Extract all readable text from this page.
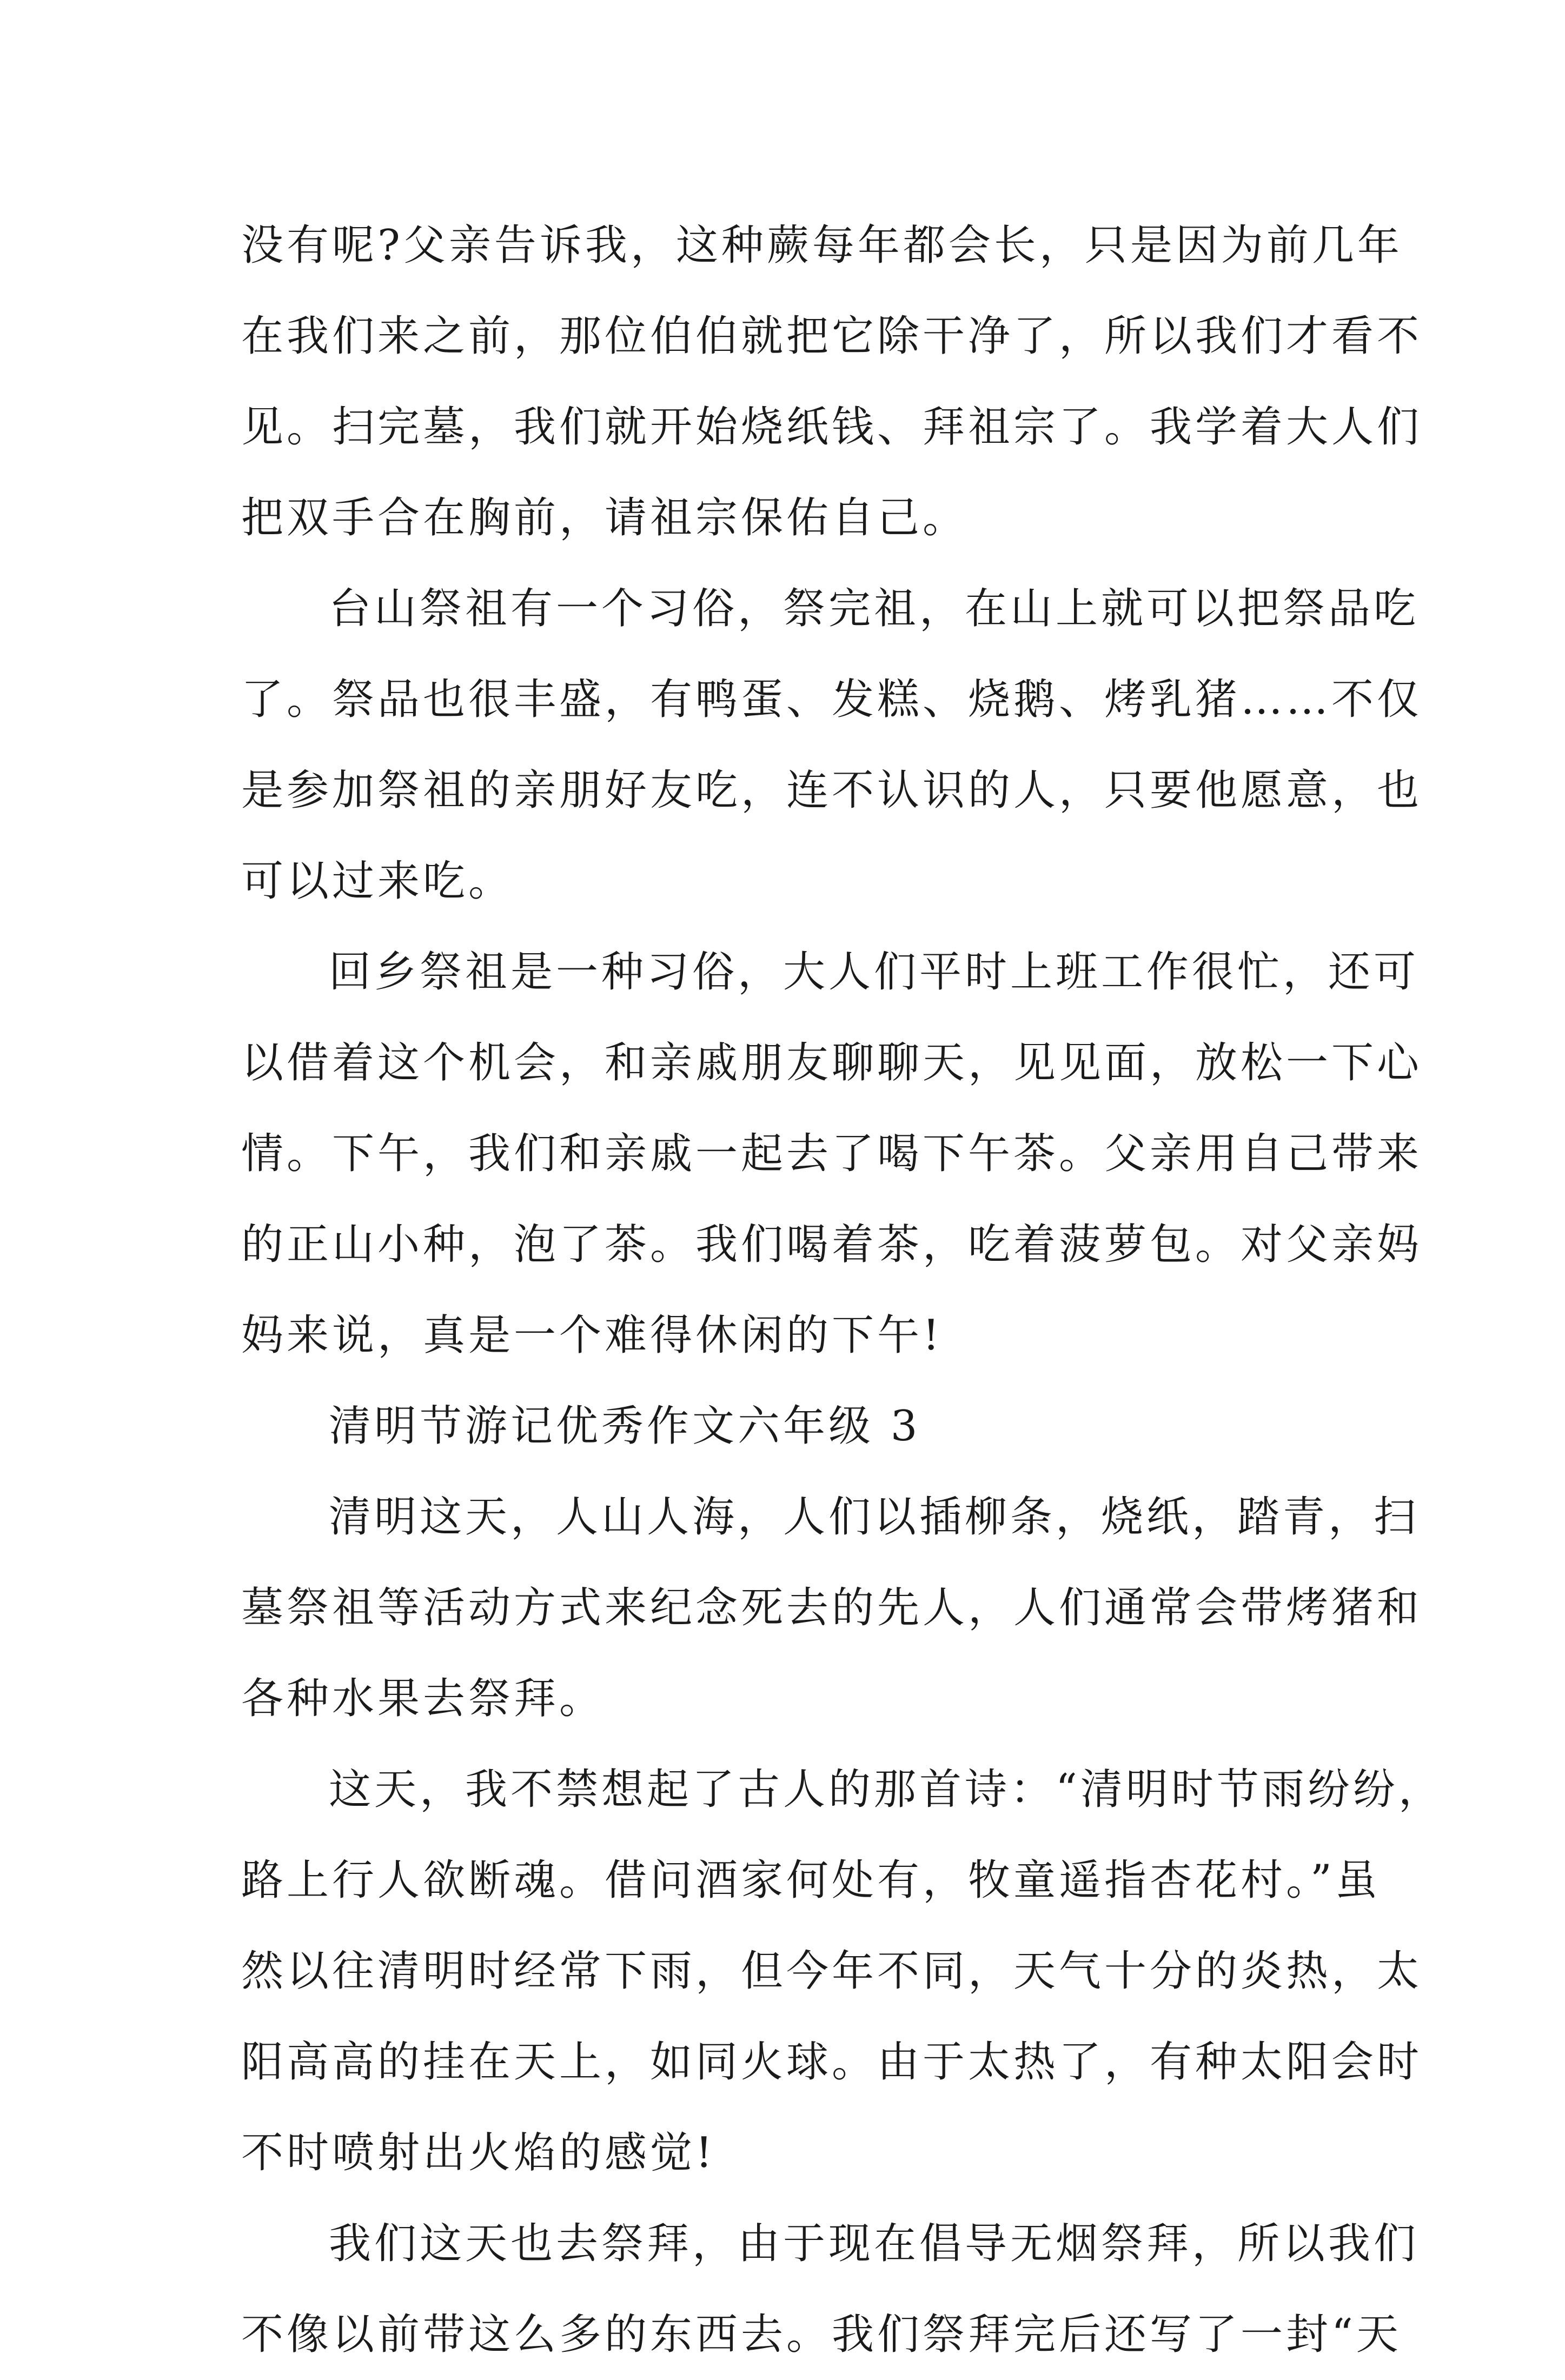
没有呢?父亲告诉我，这种蕨每年都会长，只是因为前几年
在我们来之前，那位伯伯就把它除干净了，所以我们才看不
见。扫完墓，我们就开始烧纸钱、拜祖宗了。我学着大人们
把双手合在胸前，请祖宗保佑自己。
台山祭祖有一个习俗，祭完祖，在山上就可以把祭品吃
了。祭品也很丰盛，有鸭蛋、发糕、烧鹅、烤乳猪……不仅
是参加祭祖的亲朋好友吃，连不认识的人，只要他愿意，也
可以过来吃。
回乡祭祖是一种习俗，大人们平时上班工作很忙，还可
以借着这个机会，和亲戚朋友聊聊天，见见面，放松一下心
情。下午，我们和亲戚一起去了喝下午茶。父亲用自己带来
的正山小种，泡了茶。我们喝着茶，吃着菠萝包。对父亲妈
妈来说，真是一个难得休闲的下午!
清明节游记优秀作文六年级 3
清明这天，人山人海，人们以插柳条，烧纸，踏青，扫
墓祭祖等活动方式来纪念死去的先人，人们通常会带烤猪和
各种水果去祭拜。
这天，我不禁想起了古人的那首诗：“清明时节雨纷纷，
路上行人欲断魂。借问酒家何处有，牧童遥指杏花村。”虽
然以往清明时经常下雨，但今年不同，天气十分的炎热，太
阳高高的挂在天上，如同火球。由于太热了，有种太阳会时
不时喷射出火焰的感觉!
我们这天也去祭拜，由于现在倡导无烟祭拜，所以我们
不像以前带这么多的东西去。我们祭拜完后还写了一封“天
